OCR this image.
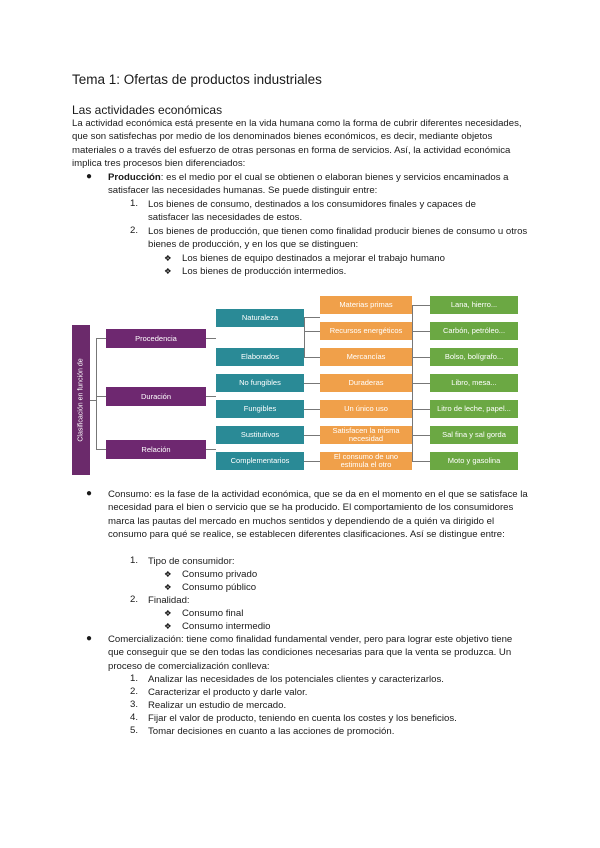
Tema 1: Ofertas de productos industriales
Las actividades económicas
La actividad económica está presente en la vida humana como la forma de cubrir diferentes necesidades, que son satisfechas por medio de los denominados bienes económicos, es decir, mediante objetos materiales o a través del esfuerzo de otras personas en forma de servicios. Así, la actividad económica implica tres procesos bien diferenciados:
● Producción: es el medio por el cual se obtienen o elaboran bienes y servicios encaminados a satisfacer las necesidades humanas. Se puede distinguir entre:
1. Los bienes de consumo, destinados a los consumidores finales y capaces de satisfacer las necesidades de estos.
2. Los bienes de producción, que tienen como finalidad producir bienes de consumo u otros bienes de producción, y en los que se distinguen:
❖ Los bienes de equipo destinados a mejorar el trabajo humano
❖ Los bienes de producción intermedios.
Clasificación en función de
Procedencia
Duración
Relación
Naturaleza
Elaborados
No fungibles
Fungibles
Sustitutivos
Complementarios
Materias primas
Recursos energéticos
Mercancías
Duraderas
Un único uso
Satisfacen la misma necesidad
El consumo de uno estimula el otro
Lana, hierro...
Carbón, petróleo...
Bolso, bolígrafo...
Libro, mesa...
Litro de leche, papel...
Sal fina y sal gorda
Moto y gasolina
● Consumo: es la fase de la actividad económica, que se da en el momento en el que se satisface la necesidad para el bien o servicio que se ha producido. El comportamiento de los consumidores marca las pautas del mercado en muchos sentidos y dependiendo de a quién va dirigido el consumo para qué se realice, se establecen diferentes clasificaciones. Así se distingue entre:
1. Tipo de consumidor:
❖ Consumo privado
❖ Consumo público
2. Finalidad:
❖ Consumo final
❖ Consumo intermedio
● Comercialización: tiene como finalidad fundamental vender, pero para lograr este objetivo tiene que conseguir que se den todas las condiciones necesarias para que la venta se produzca. Un proceso de comercialización conlleva:
1. Analizar las necesidades de los potenciales clientes y caracterizarlos.
2. Caracterizar el producto y darle valor.
3. Realizar un estudio de mercado.
4. Fijar el valor de producto, teniendo en cuenta los costes y los beneficios.
5. Tomar decisiones en cuanto a las acciones de promoción.
